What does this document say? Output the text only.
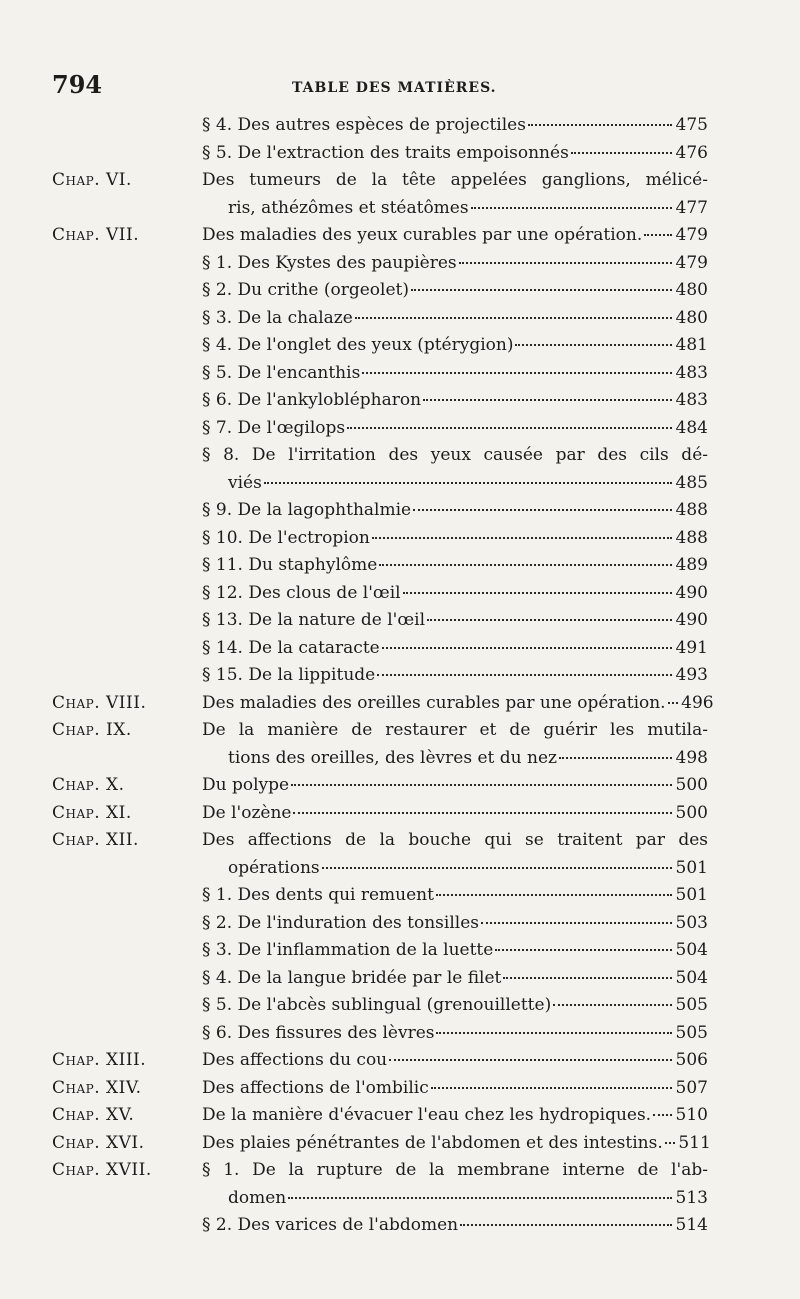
794	TABLE DES MATIÈRES.
§ 4. Des autres espèces de projectiles	475
§ 5. De l'extraction des traits empoisonnés	476
Chap. VI.	Des tumeurs de la tête appelées ganglions, mélicé-
ris, athézômes et stéatômes	477
Chap. VII.	Des maladies des yeux curables par une opération. 479
§ 1. Des Kystes des paupières	479
§ 2. Du crithe (orgeolet)	480
§ 3. De la chalaze	480
§ 4. De l'onglet des yeux (ptérygion)	481
§ 5. De l'encanthis	483
§ 6. De l'ankyloblépharon	483
§ 7. De l'œgilops	484
§ 8. De l'irritation des yeux causée par des cils dé-
viés	485
§ 9. De la lagophthalmie	488
§ 10. De l'ectropion	488
§ 11. Du staphylôme	489
§ 12. Des clous de l'œil	490
§ 13. De la nature de l'œil	490
§ 14. De la cataracte	491
§ 15. De la lippitude	493
Chap. VIII.	Des maladies des oreilles curables par une opération. 496
Chap. IX.	De la manière de restaurer et de guérir les mutila-
tions des oreilles, des lèvres et du nez	498
Chap. X.	Du polype	500
Chap. XI.	De l'ozène	500
Chap. XII.	Des affections de la bouche qui se traitent par des
opérations	501
§ 1. Des dents qui remuent	501
§ 2. De l'induration des tonsilles	503
§ 3. De l'inflammation de la luette	504
§ 4. De la langue bridée par le filet	504
§ 5. De l'abcès sublingual (grenouillette)	505
§ 6. Des fissures des lèvres	505
Chap. XIII.	Des affections du cou	506
Chap. XIV.	Des affections de l'ombilic	507
Chap. XV.	De la manière d'évacuer l'eau chez les hydropiques. 510
Chap. XVI.	Des plaies pénétrantes de l'abdomen et des intestins. 511
Chap. XVII.	§ 1. De la rupture de la membrane interne de l'ab-
domen	513
§ 2. Des varices de l'abdomen	514
